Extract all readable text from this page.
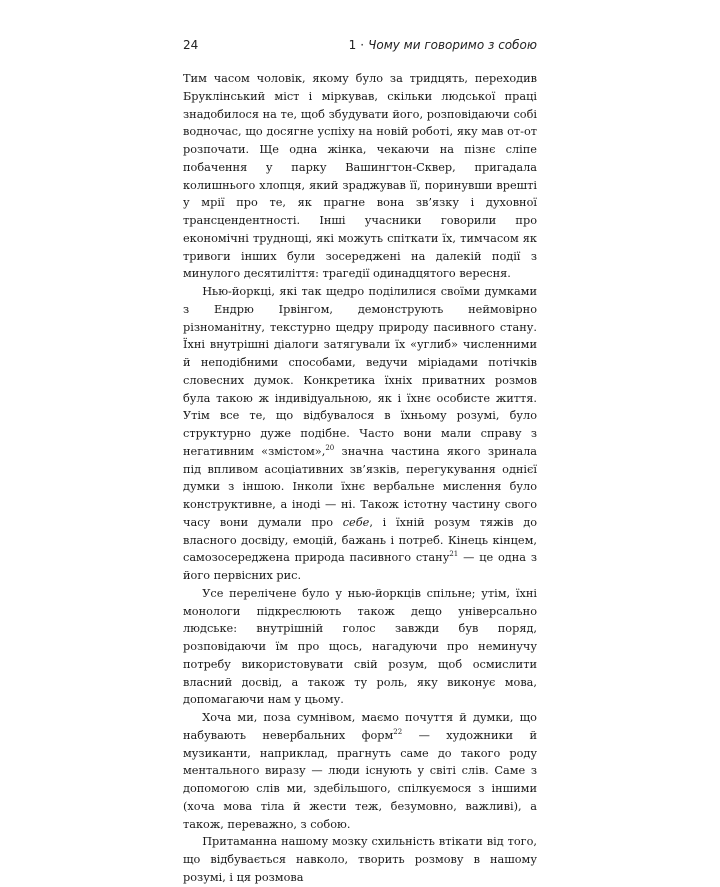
24	1 · Чому ми говоримо з собою

Тим часом чоловік, якому було за тридцять, переходив Бруклінський міст і міркував, скільки людської праці знадобилося на те, щоб збудувати його, розповідаючи собі водночас, що досягне успіху на новій роботі, яку мав от-от розпочати. Ще одна жінка, чекаючи на пізнє сліпе побачення у парку Вашингтон-Сквер, пригадала колишнього хлопця, який зраджував її, поринувши врешті у мрії про те, як прагне вона зв’язку і духовної трансцендентності. Інші учасники говорили про економічні труднощі, які можуть спіткати їх, тимчасом як тривоги інших були зосереджені на далекій події з минулого десятиліття: трагедії одинадцятого вересня.

Нью-йоркці, які так щедро поділилися своїми думками з Ендрю Ірвінгом, демонструють неймовірно різноманітну, текстурно щедру природу пасивного стану. Їхні внутрішні діалоги затягували їх «углиб» численними й неподібними способами, ведучи міріадами потічків словесних думок. Конкретика їхніх приватних розмов була такою ж індивідуальною, як і їхнє особисте життя. Утім все те, що відбувалося в їхньому розумі, було структурно дуже подібне. Часто вони мали справу з негативним «змістом»,$^{20}$ значна частина якого зринала під впливом асоціативних зв’язків, перегукування однієї думки з іншою. Інколи їхнє вербальне мислення було конструктивне, а іноді — ні. Також істотну частину свого часу вони думали про себе, і їхній розум тяжів до власного досвіду, емоцій, бажань і потреб. Кінець кінцем, самозосереджена природа пасивного стану$^{21}$ — це одна з його первісних рис.

Усе перелічене було у нью-йоркців спільне; утім, їхні монологи підкреслюють також дещо універсально людське: внутрішній голос завжди був поряд, розповідаючи їм про щось, нагадуючи про неминучу потребу використовувати свій розум, щоб осмислити власний досвід, а також ту роль, яку виконує мова, допомагаючи нам у цьому.

Хоча ми, поза сумнівом, маємо почуття й думки, що набувають невербальних форм$^{22}$ — художники й музиканти, наприклад, прагнуть саме до такого роду ментального виразу — люди існують у світі слів. Саме з допомогою слів ми, здебільшого, спілкуємося з іншими (хоча мова тіла й жести теж, безумовно, важливі), а також, переважно, з собою.

Притаманна нашому мозку схильність втікати від того, що відбувається навколо, творить розмову в нашому розумі, і ця розмова
